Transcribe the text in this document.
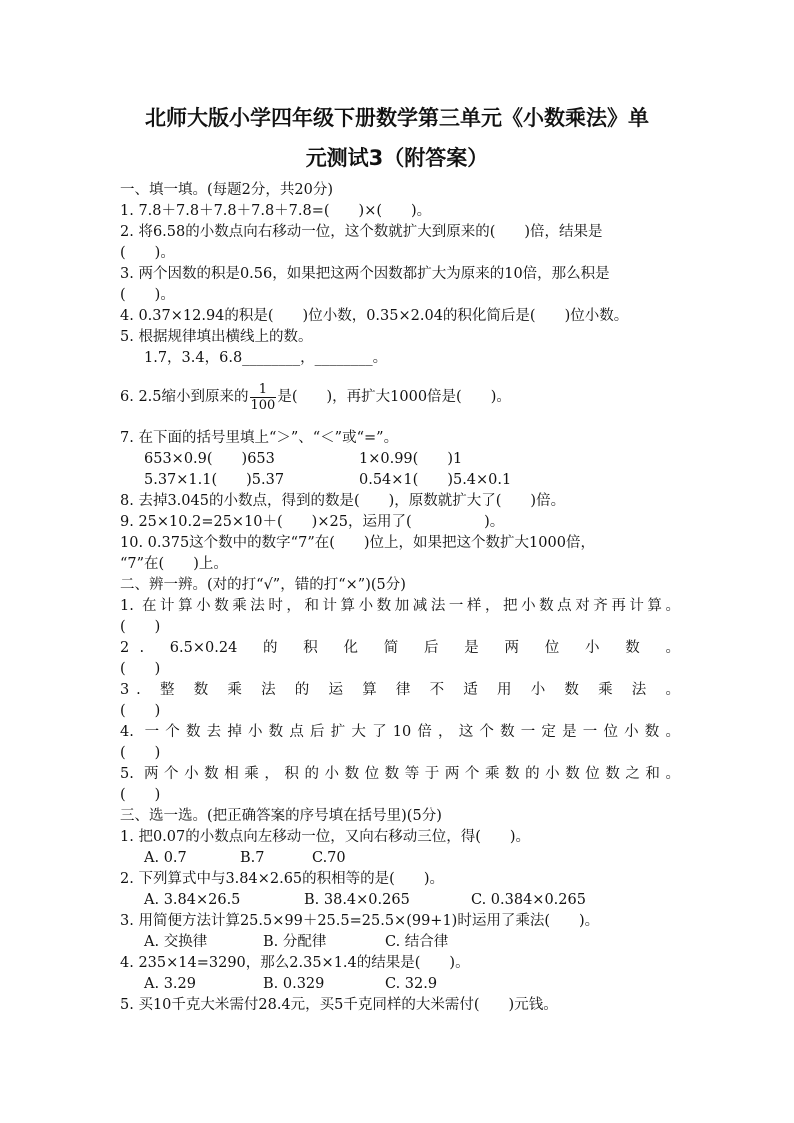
北师大版小学四年级下册数学第三单元《小数乘法》单
元测试3（附答案）
一、填一填。(每题2分，共20分)
1. 7.8＋7.8＋7.8＋7.8＋7.8=(　　)×(　　)。
2. 将6.58的小数点向右移动一位，这个数就扩大到原来的(　　)倍，结果是
(　　)。
3. 两个因数的积是0.56，如果把这两个因数都扩大为原来的10倍，那么积是
(　　)。
4. 0.37×12.94的积是(　　)位小数，0.35×2.04的积化简后是(　　)位小数。
5. 根据规律填出横线上的数。
1.7，3.4，6.8________，________。
6. 2.5缩小到原来的 $\frac{1}{100}$ 是(　　)，再扩大1000倍是(　　)。
7. 在下面的括号里填上“＞”、“＜”或“=”。
653×0.9(　　)653	1×0.99(　　)1
5.37×1.1(　　)5.37	0.54×1(　　)5.4×0.1
8. 去掉3.045的小数点，得到的数是(　　)，原数就扩大了(　　)倍。
9. 25×10.2=25×10＋(　　)×25，运用了(　　　　　)。
10. 0.375这个数中的数字“7”在(　　)位上，如果把这个数扩大1000倍，
“7”在(　　)上。
二、辨一辨。(对的打“√”，错的打“×”)(5分)
1. 在计算小数乘法时，和计算小数加减法一样，把小数点对齐再计算。
(　　)
2 .　6.5×0.24　的　积　化　简　后　是　两　位　小　数　。
(　　)
3 .　整　数　乘　法　的　运　算　律　不　适　用　小　数　乘　法　。
(　　)
4. 一个数去掉小数点后扩大了10倍，这个数一定是一位小数。
(　　)
5. 两个小数相乘，积的小数位数等于两个乘数的小数位数之和。
(　　)
三、选一选。(把正确答案的序号填在括号里)(5分)
1. 把0.07的小数点向左移动一位，又向右移动三位，得(　　)。
A. 0.7	B.7	C.70
2. 下列算式中与3.84×2.65的积相等的是(　　)。
A. 3.84×26.5	B. 38.4×0.265	C. 0.384×0.265
3. 用简便方法计算25.5×99＋25.5=25.5×(99+1)时运用了乘法(　　)。
A. 交换律	B. 分配律	C. 结合律
4. 235×14=3290，那么2.35×1.4的结果是(　　)。
A. 3.29	B. 0.329	C. 32.9
5. 买10千克大米需付28.4元，买5千克同样的大米需付(　　)元钱。
